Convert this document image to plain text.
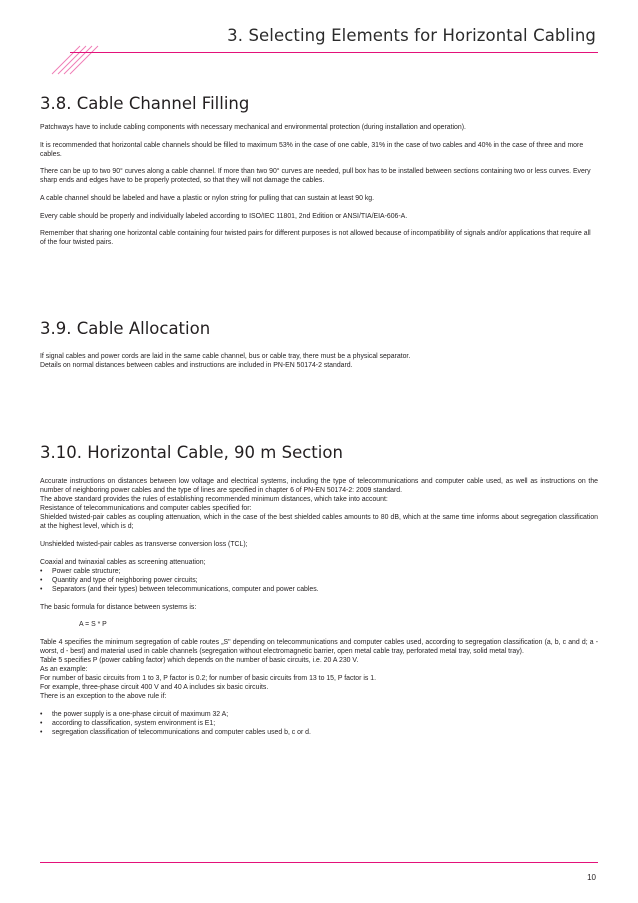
3. Selecting Elements for Horizontal Cabling
3.8. Cable Channel Filling

Patchways have to include cabling components with necessary mechanical and environmental protection (during installation and operation).

It is recommended that horizontal cable channels should be filled to maximum 53% in the case of one cable, 31% in the case of two cables and 40% in the case of three and more cables.

There can be up to two 90° curves along a cable channel. If more than two 90° curves are needed, pull box has to be installed between sections containing two or less curves. Every sharp ends and edges have to be properly protected, so that they will not damage the cables.

A cable channel should be labeled and have a plastic or nylon string for pulling that can sustain at least 90 kg.

Every cable should be properly and individually labeled according to ISO/IEC 11801, 2nd Edition or ANSI/TIA/EIA-606-A.

Remember that sharing one horizontal cable containing four twisted pairs for different purposes is not allowed because of incompatibility of signals and/or applications that require all of the four twisted pairs.

3.9. Cable Allocation

If signal cables and power cords are laid in the same cable channel, bus or cable tray, there must be a physical separator.

Details on normal distances between cables and instructions are included in PN-EN 50174-2 standard.

3.10. Horizontal Cable, 90 m Section

Accurate instructions on distances between low voltage and electrical systems, including the type of telecommunications and computer cable used, as well as instructions on the number of neighboring power cables and the type of lines are specified in chapter 6 of PN-EN 50174-2: 2009 standard.

The above standard provides the rules of establishing recommended minimum distances, which take into account:

Resistance of telecommunications and computer cables specified for:

Shielded twisted-pair cables as coupling attenuation, which in the case of the best shielded cables amounts to 80 dB, which at the same time informs about segregation classification at the highest level, which is d;

Unshielded twisted-pair cables as transverse conversion loss (TCL);

Coaxial and twinaxial cables as screening attenuation;

• Power cable structure;

• Quantity and type of neighboring power circuits;

• Separators (and their types) between telecommunications, computer and power cables.

The basic formula for distance between systems is:

A = S * P

Table 4 specifies the minimum segregation of cable routes „S" depending on telecommunications and computer cables used, according to segregation classification (a, b, c and d; a - worst, d - best) and material used in cable channels (segregation without electromagnetic barrier, open metal cable tray, perforated metal tray, solid metal tray).

Table 5 specifies P (power cabling factor) which depends on the number of basic circuits, i.e. 20 A 230 V.

As an example:

For number of basic circuits from 1 to 3, P factor is 0.2; for number of basic circuits from 13 to 15, P factor is 1.

For example, three-phase circuit 400 V and 40 A includes six basic circuits.

There is an exception to the above rule if:

• the power supply is a one-phase circuit of maximum 32 A;

• according to classification, system environment is E1;

• segregation classification of telecommunications and computer cables used b, c or d.

10
